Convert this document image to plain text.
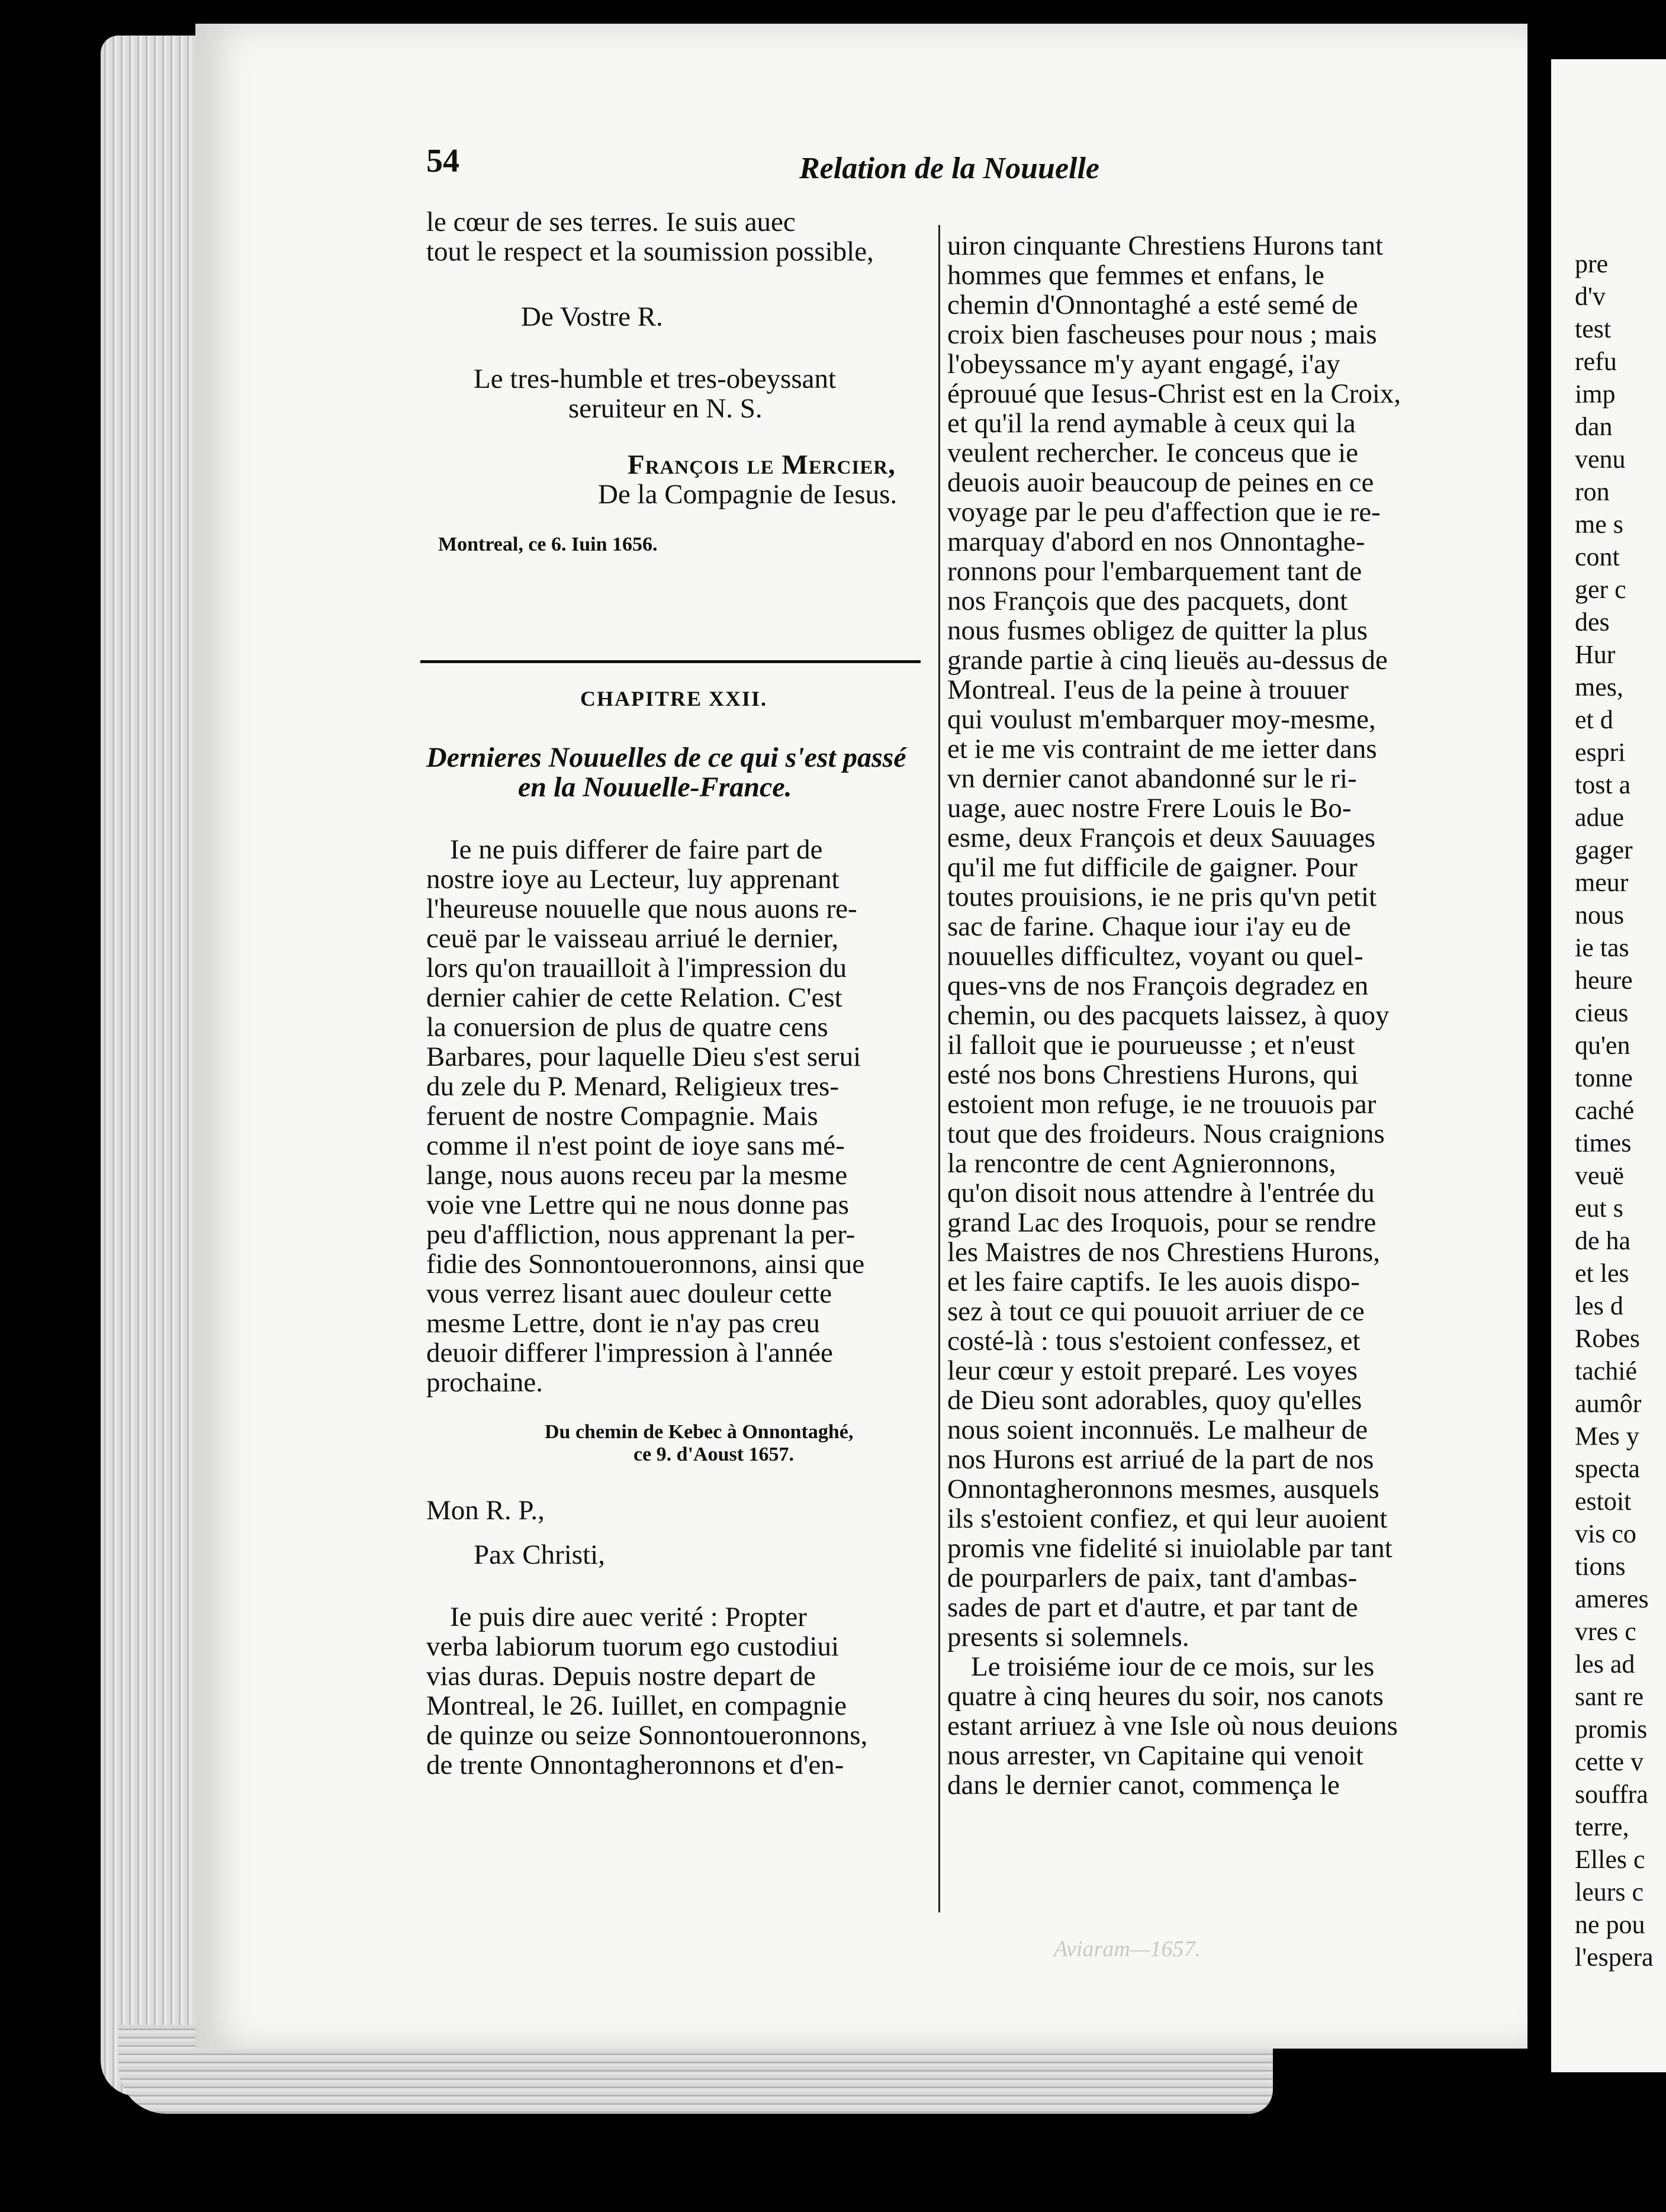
pre
d'v
test
refu
imp
dan
venu
ron
me s
cont
ger c
des
Hur
mes,
et d
espri
tost a
adue
gager
meur
nous
ie tas
heure
cieus
qu'en
tonne
caché
times
veuë
eut s
de ha
et les
les d
Robes
tachié
aumôr
Mes y
specta
estoit
vis co
tions
ameres
vres c
les ad
sant re
promis
cette v
souffra
terre,
Elles c
leurs c
ne pou
l'espera
54	Relation de la Nouuelle
le cœur de ses terres. Ie suis auec
tout le respect et la soumission possible,
De Vostre R.
Le tres-humble et tres-obeyssant
seruiteur en N. S.
François le Mercier,
De la Compagnie de Iesus.
Montreal, ce 6. Iuin 1656.
CHAPITRE XXII.
Dernieres Nouuelles de ce qui s'est passé
en la Nouuelle-France.
Ie ne puis differer de faire part de
nostre ioye au Lecteur, luy apprenant
l'heureuse nouuelle que nous auons re-
ceuë par le vaisseau arriué le dernier,
lors qu'on trauailloit à l'impression du
dernier cahier de cette Relation. C'est
la conuersion de plus de quatre cens
Barbares, pour laquelle Dieu s'est serui
du zele du P. Menard, Religieux tres-
feruent de nostre Compagnie. Mais
comme il n'est point de ioye sans mé-
lange, nous auons receu par la mesme
voie vne Lettre qui ne nous donne pas
peu d'affliction, nous apprenant la per-
fidie des Sonnontoueronnons, ainsi que
vous verrez lisant auec douleur cette
mesme Lettre, dont ie n'ay pas creu
deuoir differer l'impression à l'année
prochaine.
Du chemin de Kebec à Onnontaghé,
ce 9. d'Aoust 1657.
Mon R. P.,
Pax Christi,
Ie puis dire auec verité : Propter
verba labiorum tuorum ego custodiui
vias duras. Depuis nostre depart de
Montreal, le 26. Iuillet, en compagnie
de quinze ou seize Sonnontoueronnons,
de trente Onnontagheronnons et d'en-
uiron cinquante Chrestiens Hurons tant
hommes que femmes et enfans, le
chemin d'Onnontaghé a esté semé de
croix bien fascheuses pour nous ; mais
l'obeyssance m'y ayant engagé, i'ay
éprouué que Iesus-Christ est en la Croix,
et qu'il la rend aymable à ceux qui la
veulent rechercher. Ie conceus que ie
deuois auoir beaucoup de peines en ce
voyage par le peu d'affection que ie re-
marquay d'abord en nos Onnontaghe-
ronnons pour l'embarquement tant de
nos François que des pacquets, dont
nous fusmes obligez de quitter la plus
grande partie à cinq lieuës au-dessus de
Montreal. I'eus de la peine à trouuer
qui voulust m'embarquer moy-mesme,
et ie me vis contraint de me ietter dans
vn dernier canot abandonné sur le ri-
uage, auec nostre Frere Louis le Bo-
esme, deux François et deux Sauuages
qu'il me fut difficile de gaigner. Pour
toutes prouisions, ie ne pris qu'vn petit
sac de farine. Chaque iour i'ay eu de
nouuelles difficultez, voyant ou quel-
ques-vns de nos François degradez en
chemin, ou des pacquets laissez, à quoy
il falloit que ie pourueusse ; et n'eust
esté nos bons Chrestiens Hurons, qui
estoient mon refuge, ie ne trouuois par
tout que des froideurs. Nous craignions
la rencontre de cent Agnieronnons,
qu'on disoit nous attendre à l'entrée du
grand Lac des Iroquois, pour se rendre
les Maistres de nos Chrestiens Hurons,
et les faire captifs. Ie les auois dispo-
sez à tout ce qui pouuoit arriuer de ce
costé-là : tous s'estoient confessez, et
leur cœur y estoit preparé. Les voyes
de Dieu sont adorables, quoy qu'elles
nous soient inconnuës. Le malheur de
nos Hurons est arriué de la part de nos
Onnontagheronnons mesmes, ausquels
ils s'estoient confiez, et qui leur auoient
promis vne fidelité si inuiolable par tant
de pourparlers de paix, tant d'ambas-
sades de part et d'autre, et par tant de
presents si solemnels.
Le troisiéme iour de ce mois, sur les
quatre à cinq heures du soir, nos canots
estant arriuez à vne Isle où nous deuions
nous arrester, vn Capitaine qui venoit
dans le dernier canot, commença le
Aviaram—1657.
